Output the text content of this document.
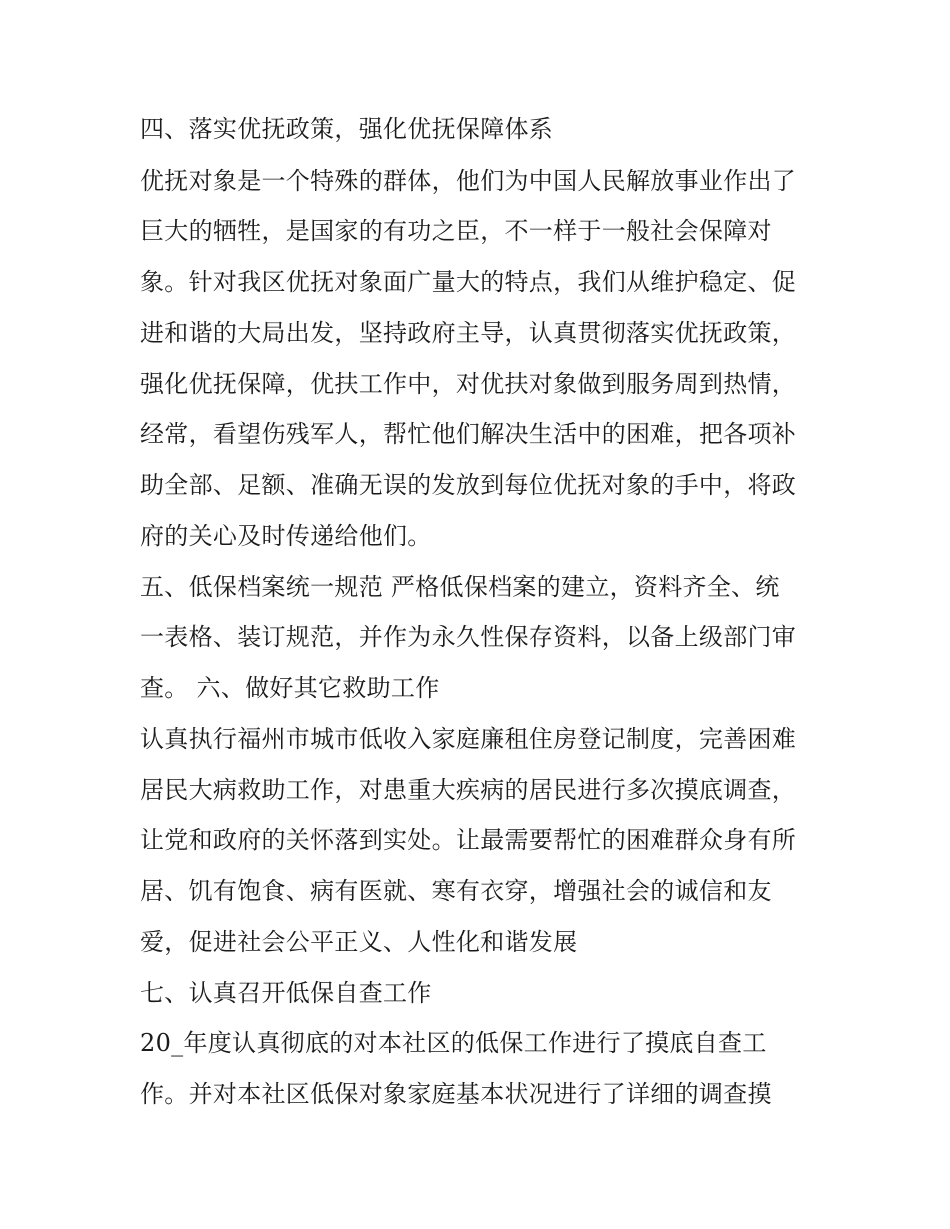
四、落实优抚政策，强化优抚保障体系
优抚对象是一个特殊的群体，他们为中国人民解放事业作出了
巨大的牺牲，是国家的有功之臣，不一样于一般社会保障对
象。针对我区优抚对象面广量大的特点，我们从维护稳定、促
进和谐的大局出发，坚持政府主导，认真贯彻落实优抚政策，
强化优抚保障，优扶工作中，对优扶对象做到服务周到热情，
经常，看望伤残军人，帮忙他们解决生活中的困难，把各项补
助全部、足额、准确无误的发放到每位优抚对象的手中，将政
府的关心及时传递给他们。
五、低保档案统一规范 严格低保档案的建立，资料齐全、统
一表格、装订规范，并作为永久性保存资料，以备上级部门审
查。 六、做好其它救助工作
认真执行福州市城市低收入家庭廉租住房登记制度，完善困难
居民大病救助工作，对患重大疾病的居民进行多次摸底调查，
让党和政府的关怀落到实处。让最需要帮忙的困难群众身有所
居、饥有饱食、病有医就、寒有衣穿，增强社会的诚信和友
爱，促进社会公平正义、人性化和谐发展
七、认真召开低保自查工作
20_年度认真彻底的对本社区的低保工作进行了摸底自查工
作。并对本社区低保对象家庭基本状况进行了详细的调查摸
